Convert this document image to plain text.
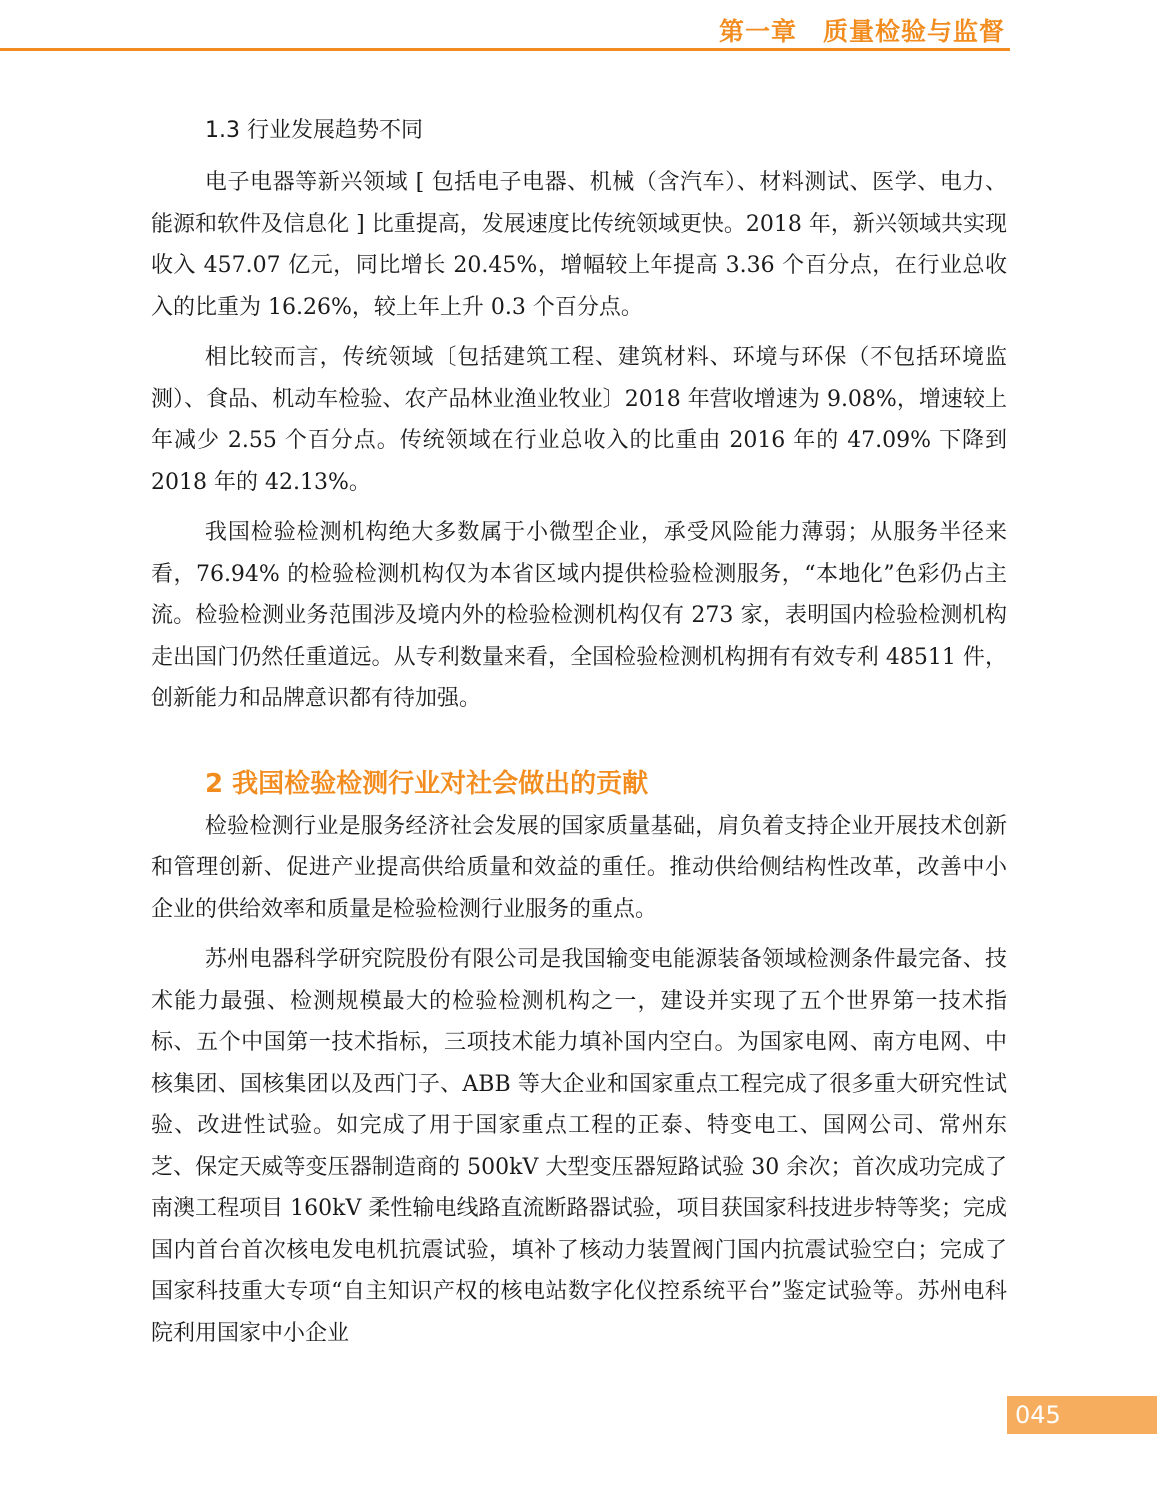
第一章 质量检验与监督
1.3 行业发展趋势不同

电子电器等新兴领域 [ 包括电子电器、机械（含汽车）、材料测试、医学、电力、能源和软件及信息化 ] 比重提高，发展速度比传统领域更快。2018 年，新兴领域共实现收入 457.07 亿元，同比增长 20.45%，增幅较上年提高 3.36 个百分点，在行业总收入的比重为 16.26%，较上年上升 0.3 个百分点。

相比较而言，传统领域〔包括建筑工程、建筑材料、环境与环保（不包括环境监测）、食品、机动车检验、农产品林业渔业牧业〕2018 年营收增速为 9.08%，增速较上年减少 2.55 个百分点。传统领域在行业总收入的比重由 2016 年的 47.09% 下降到 2018 年的 42.13%。

我国检验检测机构绝大多数属于小微型企业，承受风险能力薄弱；从服务半径来看，76.94% 的检验检测机构仅为本省区域内提供检验检测服务，“本地化”色彩仍占主流。检验检测业务范围涉及境内外的检验检测机构仅有 273 家，表明国内检验检测机构走出国门仍然任重道远。从专利数量来看，全国检验检测机构拥有有效专利 48511 件，创新能力和品牌意识都有待加强。

2 我国检验检测行业对社会做出的贡献

检验检测行业是服务经济社会发展的国家质量基础，肩负着支持企业开展技术创新和管理创新、促进产业提高供给质量和效益的重任。推动供给侧结构性改革，改善中小企业的供给效率和质量是检验检测行业服务的重点。

苏州电器科学研究院股份有限公司是我国输变电能源装备领域检测条件最完备、技术能力最强、检测规模最大的检验检测机构之一，建设并实现了五个世界第一技术指标、五个中国第一技术指标，三项技术能力填补国内空白。为国家电网、南方电网、中核集团、国核集团以及西门子、ABB 等大企业和国家重点工程完成了很多重大研究性试验、改进性试验。如完成了用于国家重点工程的正泰、特变电工、国网公司、常州东芝、保定天威等变压器制造商的 500kV 大型变压器短路试验 30 余次；首次成功完成了南澳工程项目 160kV 柔性输电线路直流断路器试验，项目获国家科技进步特等奖；完成国内首台首次核电发电机抗震试验，填补了核动力装置阀门国内抗震试验空白；完成了国家科技重大专项“自主知识产权的核电站数字化仪控系统平台”鉴定试验等。苏州电科院利用国家中小企业

045
